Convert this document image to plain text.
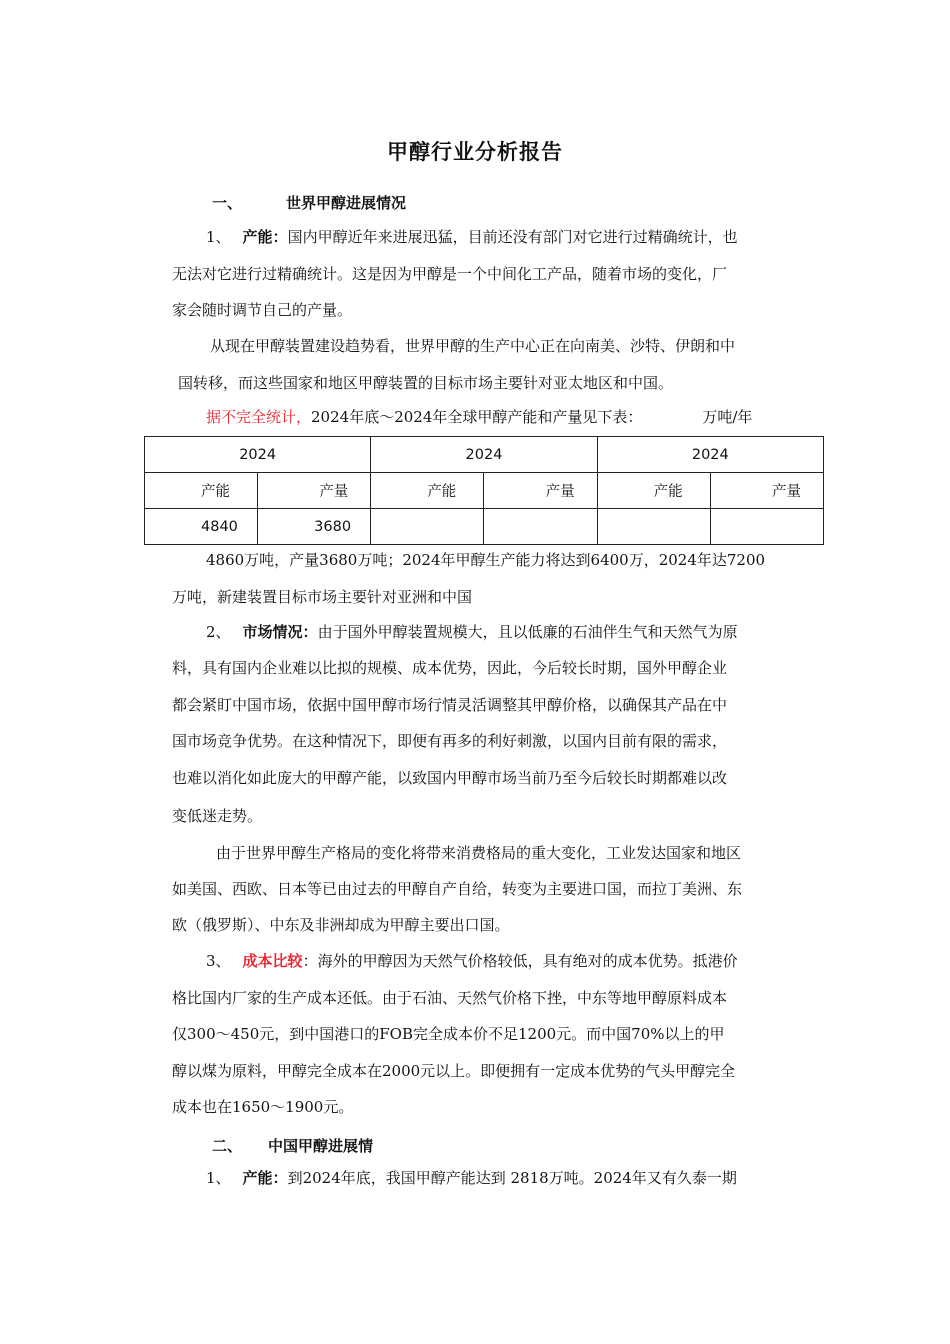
甲醇行业分析报告
一、	世界甲醇进展情况
1、 产能：国内甲醇近年来进展迅猛，目前还没有部门对它进行过精确统计，也
无法对它进行过精确统计。这是因为甲醇是一个中间化工产品，随着市场的变化，厂
家会随时调节自己的产量。
从现在甲醇装置建设趋势看，世界甲醇的生产中心正在向南美、沙特、伊朗和中
国转移，而这些国家和地区甲醇装置的目标市场主要针对亚太地区和中国。
据不完全统计，2024年底～2024年全球甲醇产能和产量见下表：	万吨/年
2024		2024		2024	
产能	产量	产能	产量	产能	产量
4840	3680				
4860万吨，产量3680万吨；2024年甲醇生产能力将达到6400万，2024年达7200
万吨，新建装置目标市场主要针对亚洲和中国
2、 市场情况：由于国外甲醇装置规模大，且以低廉的石油伴生气和天然气为原
料，具有国内企业难以比拟的规模、成本优势，因此，今后较长时期，国外甲醇企业
都会紧盯中国市场，依据中国甲醇市场行情灵活调整其甲醇价格，以确保其产品在中
国市场竞争优势。在这种情况下，即便有再多的利好刺激，以国内目前有限的需求，
也难以消化如此庞大的甲醇产能，以致国内甲醇市场当前乃至今后较长时期都难以改
变低迷走势。
由于世界甲醇生产格局的变化将带来消费格局的重大变化，工业发达国家和地区
如美国、西欧、日本等已由过去的甲醇自产自给，转变为主要进口国，而拉丁美洲、东
欧（俄罗斯）、中东及非洲却成为甲醇主要出口国。
3、 成本比较：海外的甲醇因为天然气价格较低，具有绝对的成本优势。抵港价
格比国内厂家的生产成本还低。由于石油、天然气价格下挫，中东等地甲醇原料成本
仅300～450元，到中国港口的FOB完全成本价不足1200元。而中国70%以上的甲
醇以煤为原料，甲醇完全成本在2000元以上。即便拥有一定成本优势的气头甲醇完全
成本也在1650～1900元。
二、 中国甲醇进展情
1、 产能：到2024年底，我国甲醇产能达到 2818万吨。2024年又有久泰一期
